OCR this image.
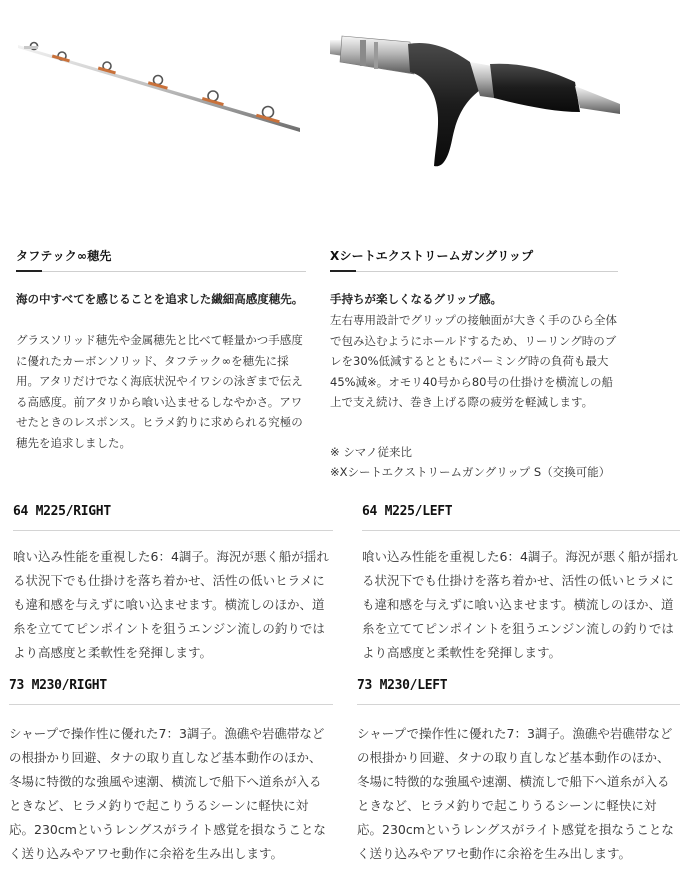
タフテック∞穂先
海の中すべてを感じることを追求した繊細高感度穂先。
グラスソリッド穂先や金属穂先と比べて軽量かつ手感度に優れたカーボンソリッド、タフテック∞を穂先に採用。アタリだけでなく海底状況やイワシの泳ぎまで伝える高感度。前アタリから喰い込ませるしなやかさ。アワせたときのレスポンス。ヒラメ釣りに求められる究極の穂先を追求しました。
Xシートエクストリームガングリップ
手持ちが楽しくなるグリップ感。
左右専用設計でグリップの接触面が大きく手のひら全体で包み込むようにホールドするため、リーリング時のブレを30%低減するとともにパーミング時の負荷も最大45%減※。オモリ40号から80号の仕掛けを横流しの船上で支え続け、巻き上げる際の疲労を軽減します。
※ シマノ従来比
※Xシートエクストリームガングリップ S（交換可能）
64 M225/RIGHT
喰い込み性能を重視した6：4調子。海況が悪く船が揺れる状況下でも仕掛けを落ち着かせ、活性の低いヒラメにも違和感を与えずに喰い込ませます。横流しのほか、道糸を立ててピンポイントを狙うエンジン流しの釣りではより高感度と柔軟性を発揮します。
64 M225/LEFT
喰い込み性能を重視した6：4調子。海況が悪く船が揺れる状況下でも仕掛けを落ち着かせ、活性の低いヒラメにも違和感を与えずに喰い込ませます。横流しのほか、道糸を立ててピンポイントを狙うエンジン流しの釣りではより高感度と柔軟性を発揮します。
73 M230/RIGHT
シャープで操作性に優れた7：3調子。漁礁や岩礁帯などの根掛かり回避、タナの取り直しなど基本動作のほか、冬場に特徴的な強風や速潮、横流しで船下へ道糸が入るときなど、ヒラメ釣りで起こりうるシーンに軽快に対応。230cmというレングスがライト感覚を損なうことなく送り込みやアワセ動作に余裕を生み出します。
73 M230/LEFT
シャープで操作性に優れた7：3調子。漁礁や岩礁帯などの根掛かり回避、タナの取り直しなど基本動作のほか、冬場に特徴的な強風や速潮、横流しで船下へ道糸が入るときなど、ヒラメ釣りで起こりうるシーンに軽快に対応。230cmというレングスがライト感覚を損なうことなく送り込みやアワセ動作に余裕を生み出します。
